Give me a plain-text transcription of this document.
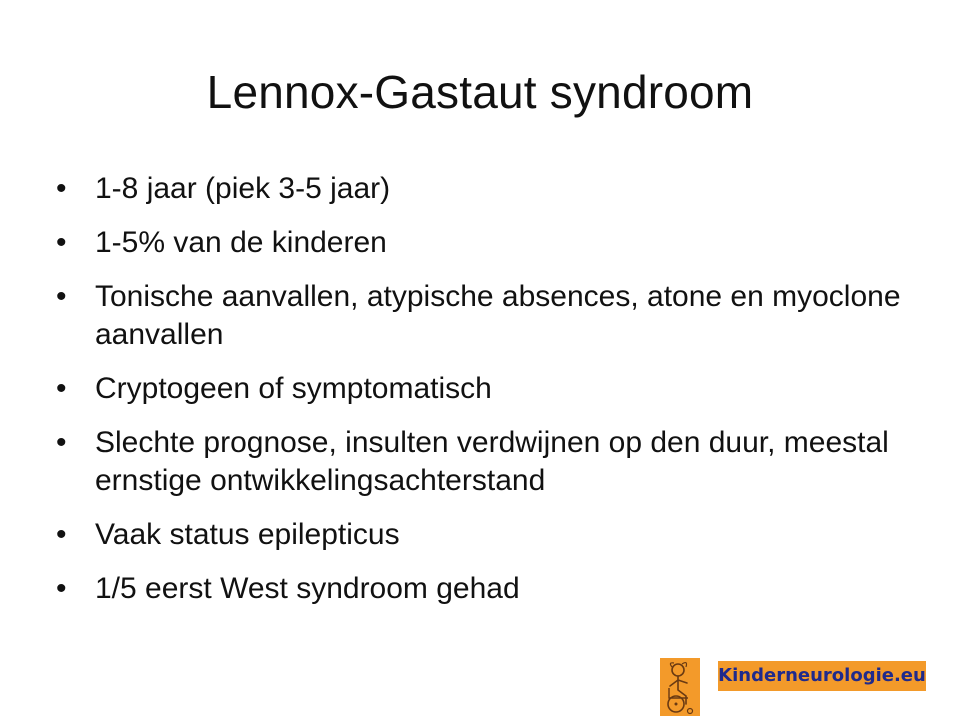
Lennox-Gastaut syndroom
• 1-8 jaar (piek 3-5 jaar)
• 1-5% van de kinderen
• Tonische aanvallen, atypische absences, atone en myoclone aanvallen
• Cryptogeen of symptomatisch
• Slechte prognose, insulten verdwijnen op den duur, meestal ernstige ontwikkelingsachterstand
• Vaak status epilepticus
• 1/5 eerst West syndroom gehad
Kinderneurologie.eu
